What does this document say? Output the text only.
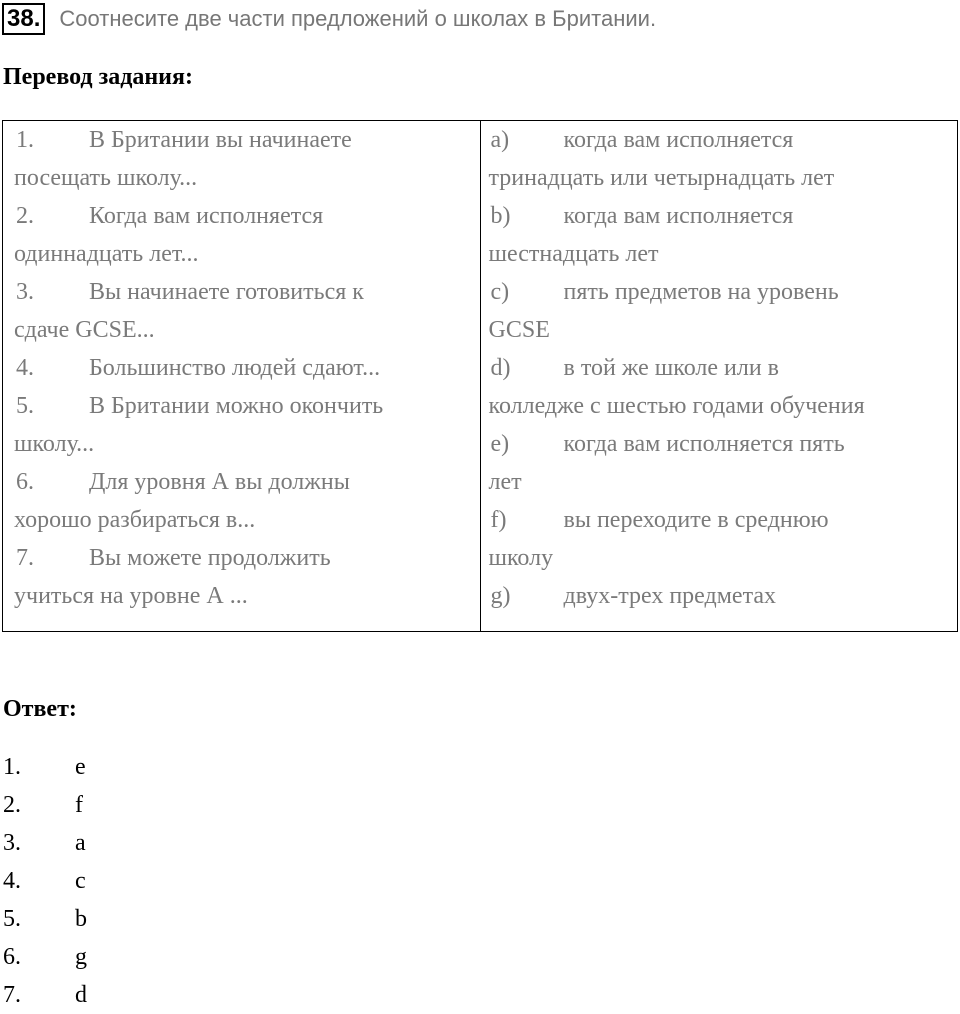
38. Соотнесите две части предложений о школах в Британии.
Перевод задания:
1. В Британии вы начинаете
посещать школу...
2. Когда вам исполняется
одиннадцать лет...
3. Вы начинаете готовиться к
сдаче GCSE...
4. Большинство людей сдают...
5. В Британии можно окончить
школу...
6. Для уровня А вы должны
хорошо разбираться в...
7. Вы можете продолжить
учиться на уровне А ...
a) когда вам исполняется
тринадцать или четырнадцать лет
b) когда вам исполняется
шестнадцать лет
c) пять предметов на уровень
GCSE
d) в той же школе или в
колледже с шестью годами обучения
e) когда вам исполняется пять
лет
f) вы переходите в среднюю
школу
g) двух-трех предметах
Ответ:
1.	e
2.	f
3.	a
4.	c
5.	b
6.	g
7.	d
